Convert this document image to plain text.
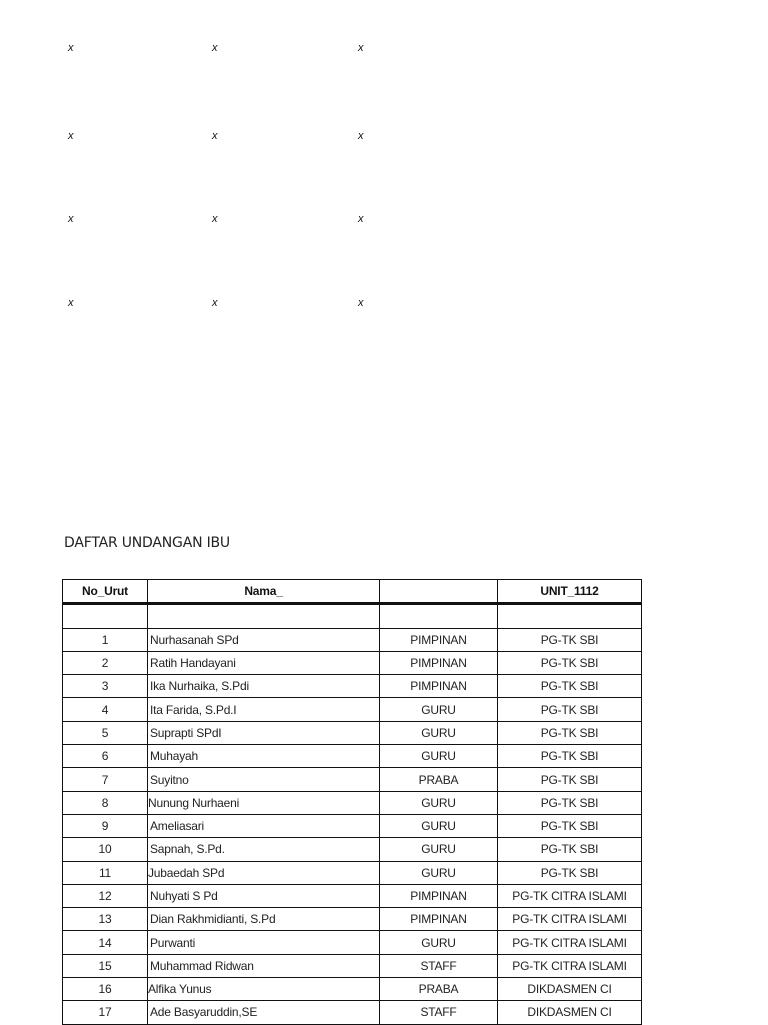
x	x	x
x	x	x
x	x	x
x	x	x
DAFTAR UNDANGAN IBU
No_Urut	Nama_		UNIT_1112

1	Nurhasanah SPd	PIMPINAN	PG-TK SBI
2	Ratih Handayani	PIMPINAN	PG-TK SBI
3	Ika Nurhaika, S.Pdi	PIMPINAN	PG-TK SBI
4	Ita Farida, S.Pd.I	GURU	PG-TK SBI
5	Suprapti SPdI	GURU	PG-TK SBI
6	Muhayah	GURU	PG-TK SBI
7	Suyitno	PRABA	PG-TK SBI
8	Nunung Nurhaeni	GURU	PG-TK SBI
9	Ameliasari	GURU	PG-TK SBI
10	Sapnah, S.Pd.	GURU	PG-TK SBI
11	Jubaedah SPd	GURU	PG-TK SBI
12	Nuhyati S Pd	PIMPINAN	PG-TK CITRA ISLAMI
13	Dian Rakhmidianti, S.Pd	PIMPINAN	PG-TK CITRA ISLAMI
14	Purwanti	GURU	PG-TK CITRA ISLAMI
15	Muhammad Ridwan	STAFF	PG-TK CITRA ISLAMI
16	Alfika Yunus	PRABA	DIKDASMEN CI
17	Ade Basyaruddin,SE	STAFF	DIKDASMEN CI
